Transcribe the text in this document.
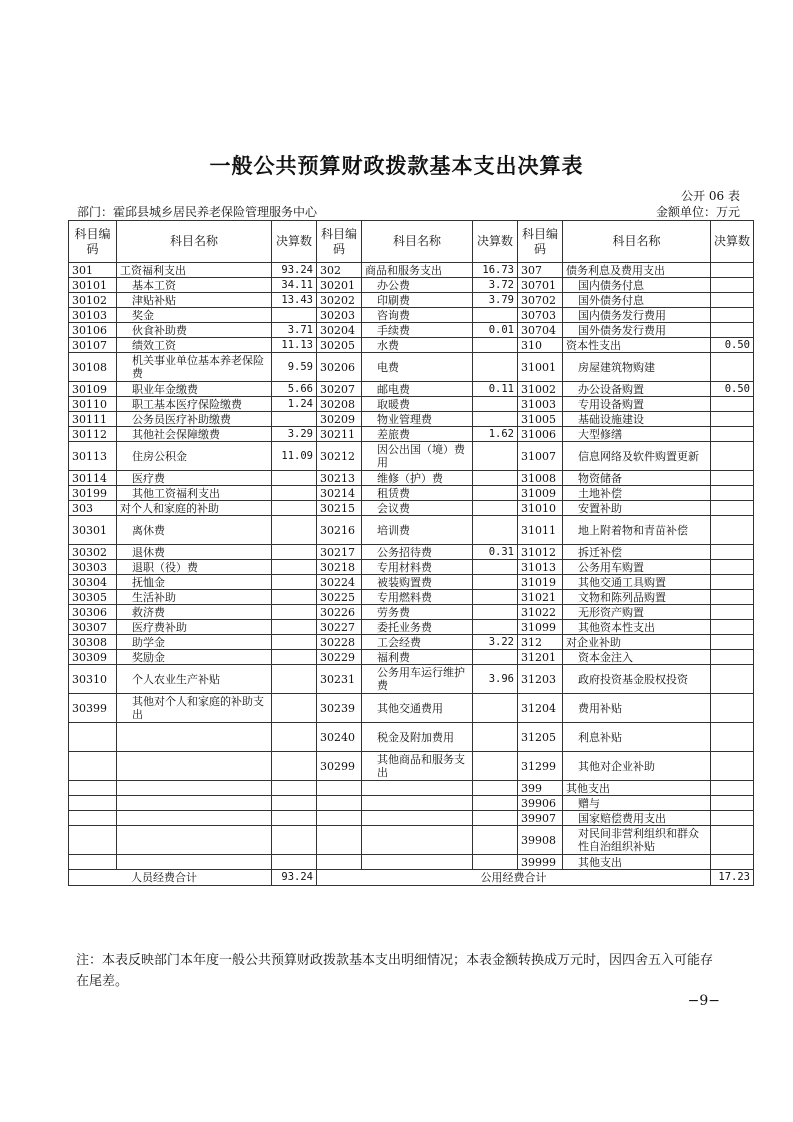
一般公共预算财政拨款基本支出决算表
公开 06 表
部门：霍邱县城乡居民养老保险管理服务中心	金额单位：万元
科目编码	科目名称	决算数	科目编码	科目名称	决算数	科目编码	科目名称	决算数
301	工资福利支出	93.24	302	商品和服务支出	16.73	307	债务利息及费用支出	
30101	基本工资	34.11	30201	办公费	3.72	30701	国内债务付息	
30102	津贴补贴	13.43	30202	印刷费	3.79	30702	国外债务付息	
30103	奖金		30203	咨询费		30703	国内债务发行费用	
30106	伙食补助费	3.71	30204	手续费	0.01	30704	国外债务发行费用	
30107	绩效工资	11.13	30205	水费		310	资本性支出	0.50
30108	机关事业单位基本养老保险费	9.59	30206	电费		31001	房屋建筑物购建	
30109	职业年金缴费	5.66	30207	邮电费	0.11	31002	办公设备购置	0.50
30110	职工基本医疗保险缴费	1.24	30208	取暖费		31003	专用设备购置	
30111	公务员医疗补助缴费		30209	物业管理费		31005	基础设施建设	
30112	其他社会保障缴费	3.29	30211	差旅费	1.62	31006	大型修缮	
30113	住房公积金	11.09	30212	因公出国（境）费用		31007	信息网络及软件购置更新	
30114	医疗费		30213	维修（护）费		31008	物资储备	
30199	其他工资福利支出		30214	租赁费		31009	土地补偿	
303	对个人和家庭的补助		30215	会议费		31010	安置补助	
30301	离休费		30216	培训费		31011	地上附着物和青苗补偿	
30302	退休费		30217	公务招待费	0.31	31012	拆迁补偿	
30303	退职（役）费		30218	专用材料费		31013	公务用车购置	
30304	抚恤金		30224	被装购置费		31019	其他交通工具购置	
30305	生活补助		30225	专用燃料费		31021	文物和陈列品购置	
30306	救济费		30226	劳务费		31022	无形资产购置	
30307	医疗费补助		30227	委托业务费		31099	其他资本性支出	
30308	助学金		30228	工会经费	3.22	312	对企业补助	
30309	奖励金		30229	福利费		31201	资本金注入	
30310	个人农业生产补贴		30231	公务用车运行维护费	3.96	31203	政府投资基金股权投资	
30399	其他对个人和家庭的补助支出		30239	其他交通费用		31204	费用补贴	
			30240	税金及附加费用		31205	利息补贴	
			30299	其他商品和服务支出		31299	其他对企业补助	
						399	其他支出	
						39906	赠与	
						39907	国家赔偿费用支出	
						39908	对民间非营利组织和群众性自治组织补贴	
						39999	其他支出	
人员经费合计		93.24	公用经费合计					17.23
注：本表反映部门本年度一般公共预算财政拨款基本支出明细情况；本表金额转换成万元时，因四舍五入可能存在尾差。
−9−
